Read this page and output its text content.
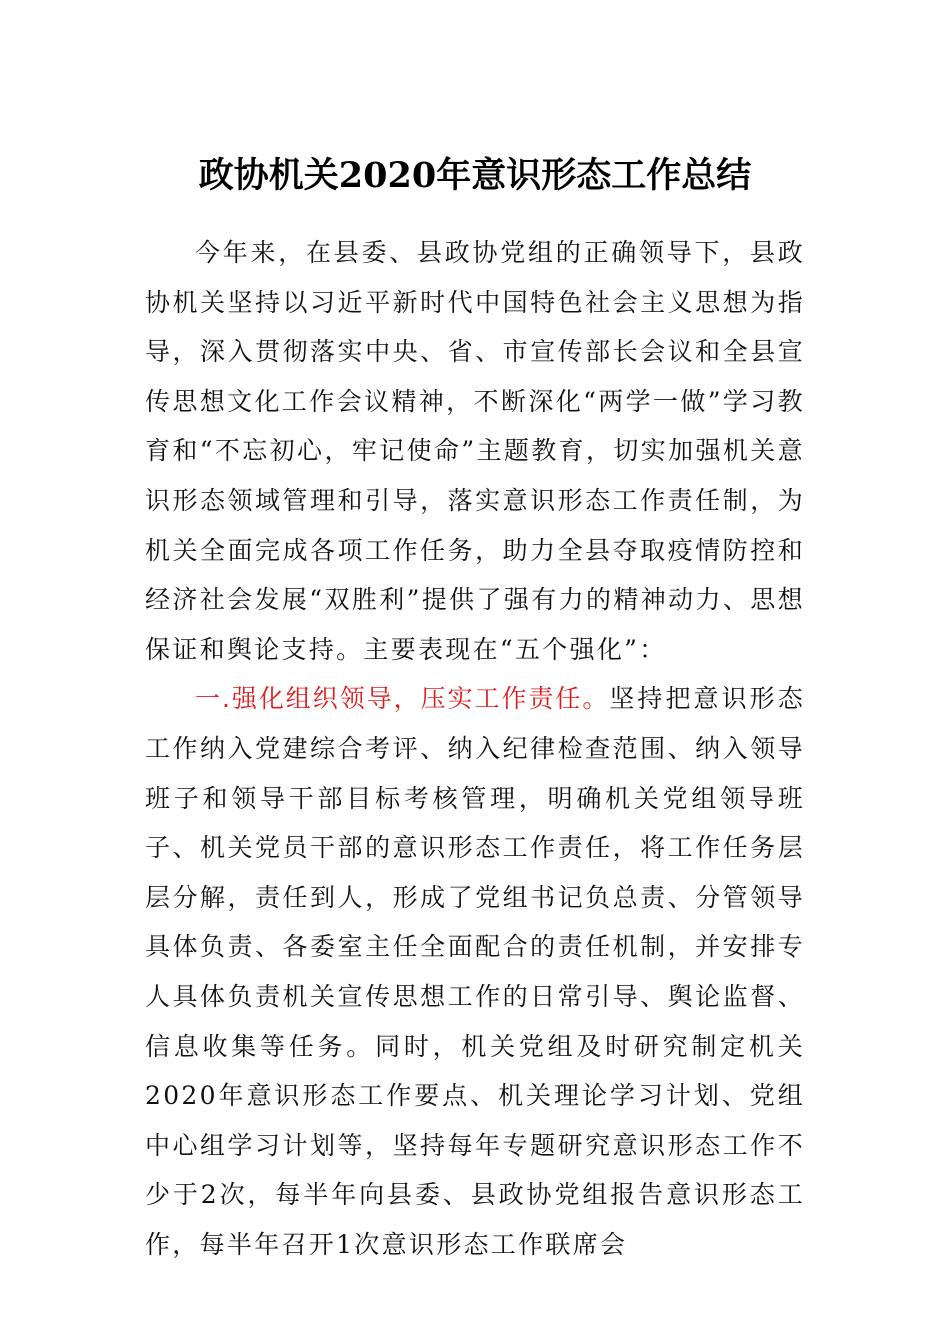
政协机关2020年意识形态工作总结

今年来，在县委、县政协党组的正确领导下，县政协机关坚持以习近平新时代中国特色社会主义思想为指导，深入贯彻落实中央、省、市宣传部长会议和全县宣传思想文化工作会议精神，不断深化“两学一做”学习教育和“不忘初心，牢记使命”主题教育，切实加强机关意识形态领域管理和引导，落实意识形态工作责任制，为机关全面完成各项工作任务，助力全县夺取疫情防控和经济社会发展“双胜利”提供了强有力的精神动力、思想保证和舆论支持。主要表现在“五个强化”：

一.强化组织领导，压实工作责任。坚持把意识形态工作纳入党建综合考评、纳入纪律检查范围、纳入领导班子和领导干部目标考核管理，明确机关党组领导班子、机关党员干部的意识形态工作责任，将工作任务层层分解，责任到人，形成了党组书记负总责、分管领导具体负责、各委室主任全面配合的责任机制，并安排专人具体负责机关宣传思想工作的日常引导、舆论监督、信息收集等任务。同时，机关党组及时研究制定机关2020年意识形态工作要点、机关理论学习计划、党组中心组学习计划等，坚持每年专题研究意识形态工作不少于2次，每半年向县委、县政协党组报告意识形态工作，每半年召开1次意识形态工作联席会
